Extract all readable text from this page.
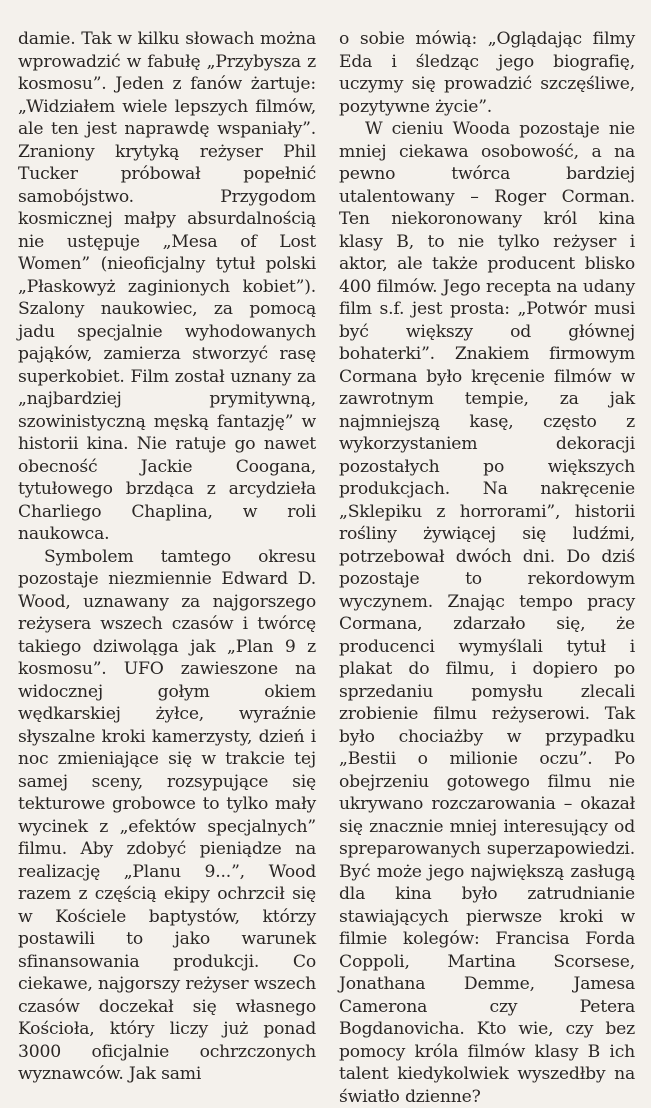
damie. Tak w kilku słowach można wprowadzić w fabułę „Przybysza z kosmosu”. Jeden z fanów żartuje: „Widziałem wiele lepszych filmów, ale ten jest naprawdę wspaniały”. Zraniony krytyką reżyser Phil Tucker próbował popełnić samobójstwo. Przygodom kosmicznej małpy absurdalnością nie ustępuje „Mesa of Lost Women” (nieoficjalny tytuł polski „Płaskowyż zaginionych kobiet”). Szalony naukowiec, za pomocą jadu specjalnie wyhodowanych pająków, zamierza stworzyć rasę superkobiet. Film został uznany za „najbardziej prymitywną, szowinistyczną męską fantazję” w historii kina. Nie ratuje go nawet obecność Jackie Coogana, tytułowego brzdąca z arcydzieła Charliego Chaplina, w roli naukowca.

Symbolem tamtego okresu pozostaje niezmiennie Edward D. Wood, uznawany za najgorszego reżysera wszech czasów i twórcę takiego dziwoląga jak „Plan 9 z kosmosu”. UFO zawieszone na widocznej gołym okiem wędkarskiej żyłce, wyraźnie słyszalne kroki kamerzysty, dzień i noc zmieniające się w trakcie tej samej sceny, rozsypujące się tekturowe grobowce to tylko mały wycinek z „efektów specjalnych” filmu. Aby zdobyć pieniądze na realizację „Planu 9...”, Wood razem z częścią ekipy ochrzcił się w Kościele baptystów, którzy postawili to jako warunek sfinansowania produkcji. Co ciekawe, najgorszy reżyser wszech czasów doczekał się własnego Kościoła, który liczy już ponad 3000 oficjalnie ochrzczonych wyznawców. Jak sami

o sobie mówią: „Oglądając filmy Eda i śledząc jego biografię, uczymy się prowadzić szczęśliwe, pozytywne życie”.

W cieniu Wooda pozostaje nie mniej ciekawa osobowość, a na pewno twórca bardziej utalentowany – Roger Corman. Ten niekoronowany król kina klasy B, to nie tylko reżyser i aktor, ale także producent blisko 400 filmów. Jego recepta na udany film s.f. jest prosta: „Potwór musi być większy od głównej bohaterki”. Znakiem firmowym Cormana było kręcenie filmów w zawrotnym tempie, za jak najmniejszą kasę, często z wykorzystaniem dekoracji pozostałych po większych produkcjach. Na nakręcenie „Sklepiku z horrorami”, historii rośliny żywiącej się ludźmi, potrzebował dwóch dni. Do dziś pozostaje to rekordowym wyczynem. Znając tempo pracy Cormana, zdarzało się, że producenci wymyślali tytuł i plakat do filmu, i dopiero po sprzedaniu pomysłu zlecali zrobienie filmu reżyserowi. Tak było chociażby w przypadku „Bestii o milionie oczu”. Po obejrzeniu gotowego filmu nie ukrywano rozczarowania – okazał się znacznie mniej interesujący od spreparowanych superzapowiedzi. Być może jego największą zasługą dla kina było zatrudnianie stawiających pierwsze kroki w filmie kolegów: Francisa Forda Coppoli, Martina Scorsese, Jonathana Demme, Jamesa Camerona czy Petera Bogdanovicha. Kto wie, czy bez pomocy króla filmów klasy B ich talent kiedykolwiek wyszedłby na światło dzienne?
